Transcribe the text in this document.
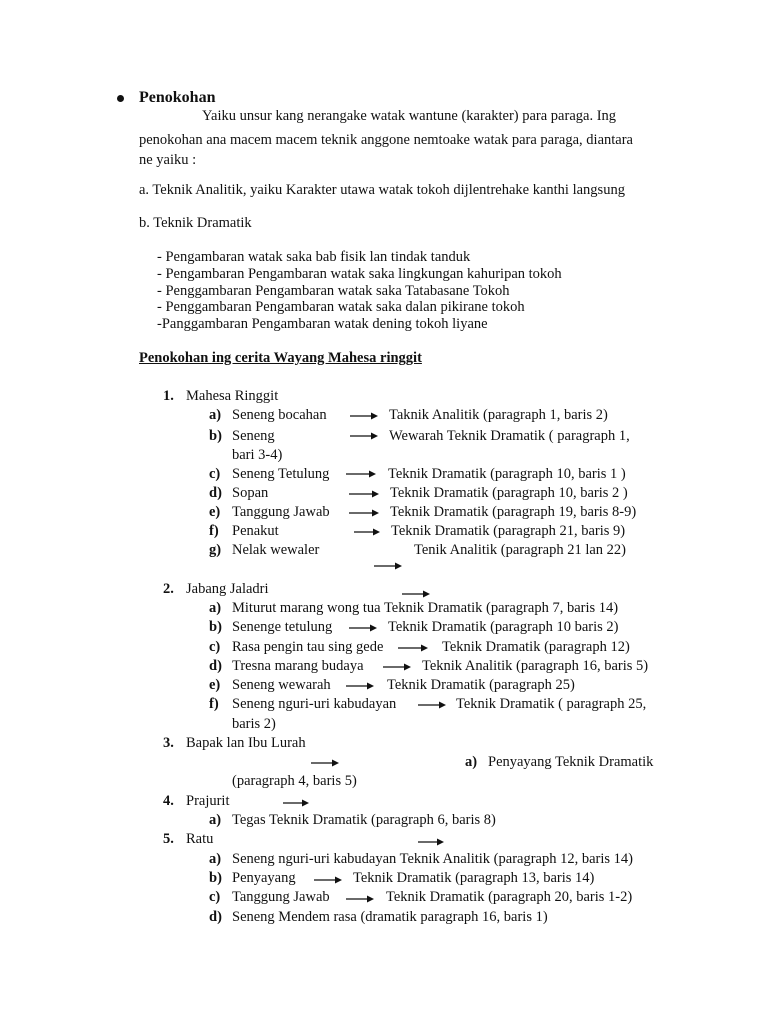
Penokohan
Yaiku unsur kang nerangake watak wantune (karakter) para paraga. Ing
penokohan ana macem macem teknik anggone nemtoake watak para paraga, diantara
ne yaiku :
a. Teknik Analitik, yaiku Karakter utawa watak tokoh dijlentrehake kanthi langsung
b. Teknik Dramatik
- Pengambaran watak saka bab fisik lan tindak tanduk
- Pengambaran Pengambaran watak saka lingkungan kahuripan tokoh
- Penggambaran Pengambaran watak saka Tatabasane Tokoh
- Penggambaran Pengambaran watak saka dalan pikirane tokoh
-Panggambaran Pengambaran watak dening tokoh liyane
Penokohan ing cerita Wayang Mahesa ringgit
1. Mahesa Ringgit
a) Seneng bocahan	Taknik Analitik (paragraph 1, baris 2)
b) Seneng	Wewarah Teknik Dramatik ( paragraph 1,
bari 3-4)
c) Seneng Tetulung	Teknik Dramatik (paragraph 10, baris 1 )
d) Sopan	Teknik Dramatik (paragraph 10, baris 2 )
e) Tanggung Jawab	Teknik Dramatik (paragraph 19, baris 8-9)
f) Penakut	Teknik Dramatik (paragraph 21, baris 9)
g) Nelak wewaler	Tenik Analitik (paragraph 21 lan 22)
2. Jabang Jaladri
a) Miturut marang wong tua Teknik Dramatik (paragraph 7, baris 14)
b) Senenge tetulung	Teknik Dramatik (paragraph 10 baris 2)
c) Rasa pengin tau sing gede	Teknik Dramatik (paragraph 12)
d) Tresna marang budaya	Teknik Analitik (paragraph 16, baris 5)
e) Seneng wewarah	Teknik Dramatik (paragraph 25)
f) Seneng nguri-uri kabudayan	Teknik Dramatik ( paragraph 25,
baris 2)
3. Bapak lan Ibu Lurah
a) Penyayang Teknik Dramatik
(paragraph 4, baris 5)
4. Prajurit
a) Tegas Teknik Dramatik (paragraph 6, baris 8)
5. Ratu
a) Seneng nguri-uri kabudayan Teknik Analitik (paragraph 12, baris 14)
b) Penyayang	Teknik Dramatik (paragraph 13, baris 14)
c) Tanggung Jawab	Teknik Dramatik (paragraph 20, baris 1-2)
d) Seneng Mendem rasa (dramatik paragraph 16, baris 1)
